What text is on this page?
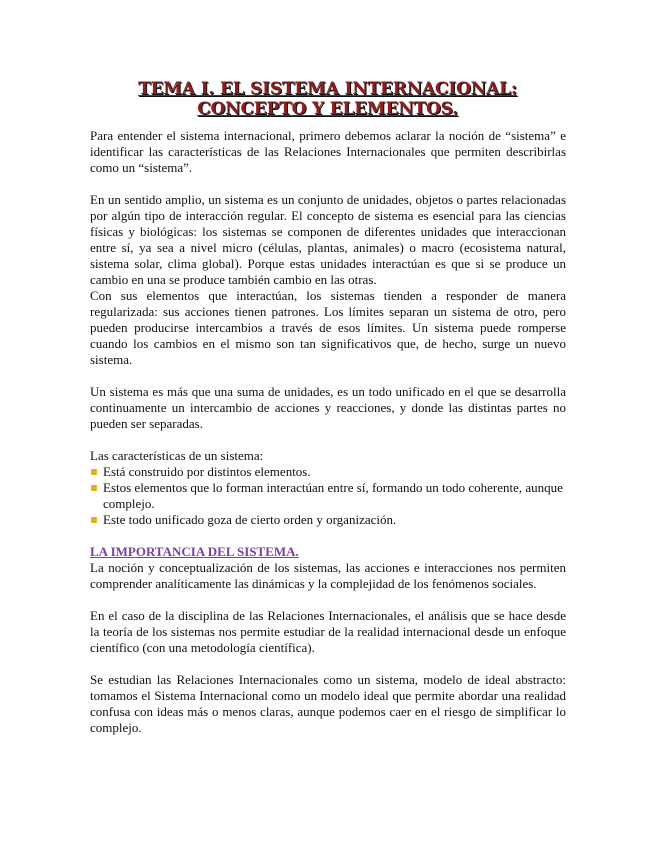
TEMA I. EL SISTEMA INTERNACIONAL:
CONCEPTO Y ELEMENTOS.

Para entender el sistema internacional, primero debemos aclarar la noción de “sistema” e identificar las características de las Relaciones Internacionales que permiten describirlas como un “sistema”.

En un sentido amplio, un sistema es un conjunto de unidades, objetos o partes relacionadas por algún tipo de interacción regular. El concepto de sistema es esencial para las ciencias físicas y biológicas: los sistemas se componen de diferentes unidades que interaccionan entre sí, ya sea a nivel micro (células, plantas, animales) o macro (ecosistema natural, sistema solar, clima global). Porque estas unidades interactúan es que si se produce un cambio en una se produce también cambio en las otras.

Con sus elementos que interactúan, los sistemas tienden a responder de manera regularizada: sus acciones tienen patrones. Los límites separan un sistema de otro, pero pueden producirse intercambios a través de esos límites. Un sistema puede romperse cuando los cambios en el mismo son tan significativos que, de hecho, surge un nuevo sistema.

Un sistema es más que una suma de unidades, es un todo unificado en el que se desarrolla continuamente un intercambio de acciones y reacciones, y donde las distintas partes no pueden ser separadas.

Las características de un sistema:

Está construido por distintos elementos.
Estos elementos que lo forman interactúan entre sí, formando un todo coherente, aunque complejo.
Este todo unificado goza de cierto orden y organización.
LA IMPORTANCIA DEL SISTEMA.

La noción y conceptualización de los sistemas, las acciones e interacciones nos permiten comprender analíticamente las dinámicas y la complejidad de los fenómenos sociales.

En el caso de la disciplina de las Relaciones Internacionales, el análisis que se hace desde la teoría de los sistemas nos permite estudiar de la realidad internacional desde un enfoque científico (con una metodología científica).

Se estudian las Relaciones Internacionales como un sistema, modelo de ideal abstracto: tomamos el Sistema Internacional como un modelo ideal que permite abordar una realidad confusa con ideas más o menos claras, aunque podemos caer en el riesgo de simplificar lo complejo.
